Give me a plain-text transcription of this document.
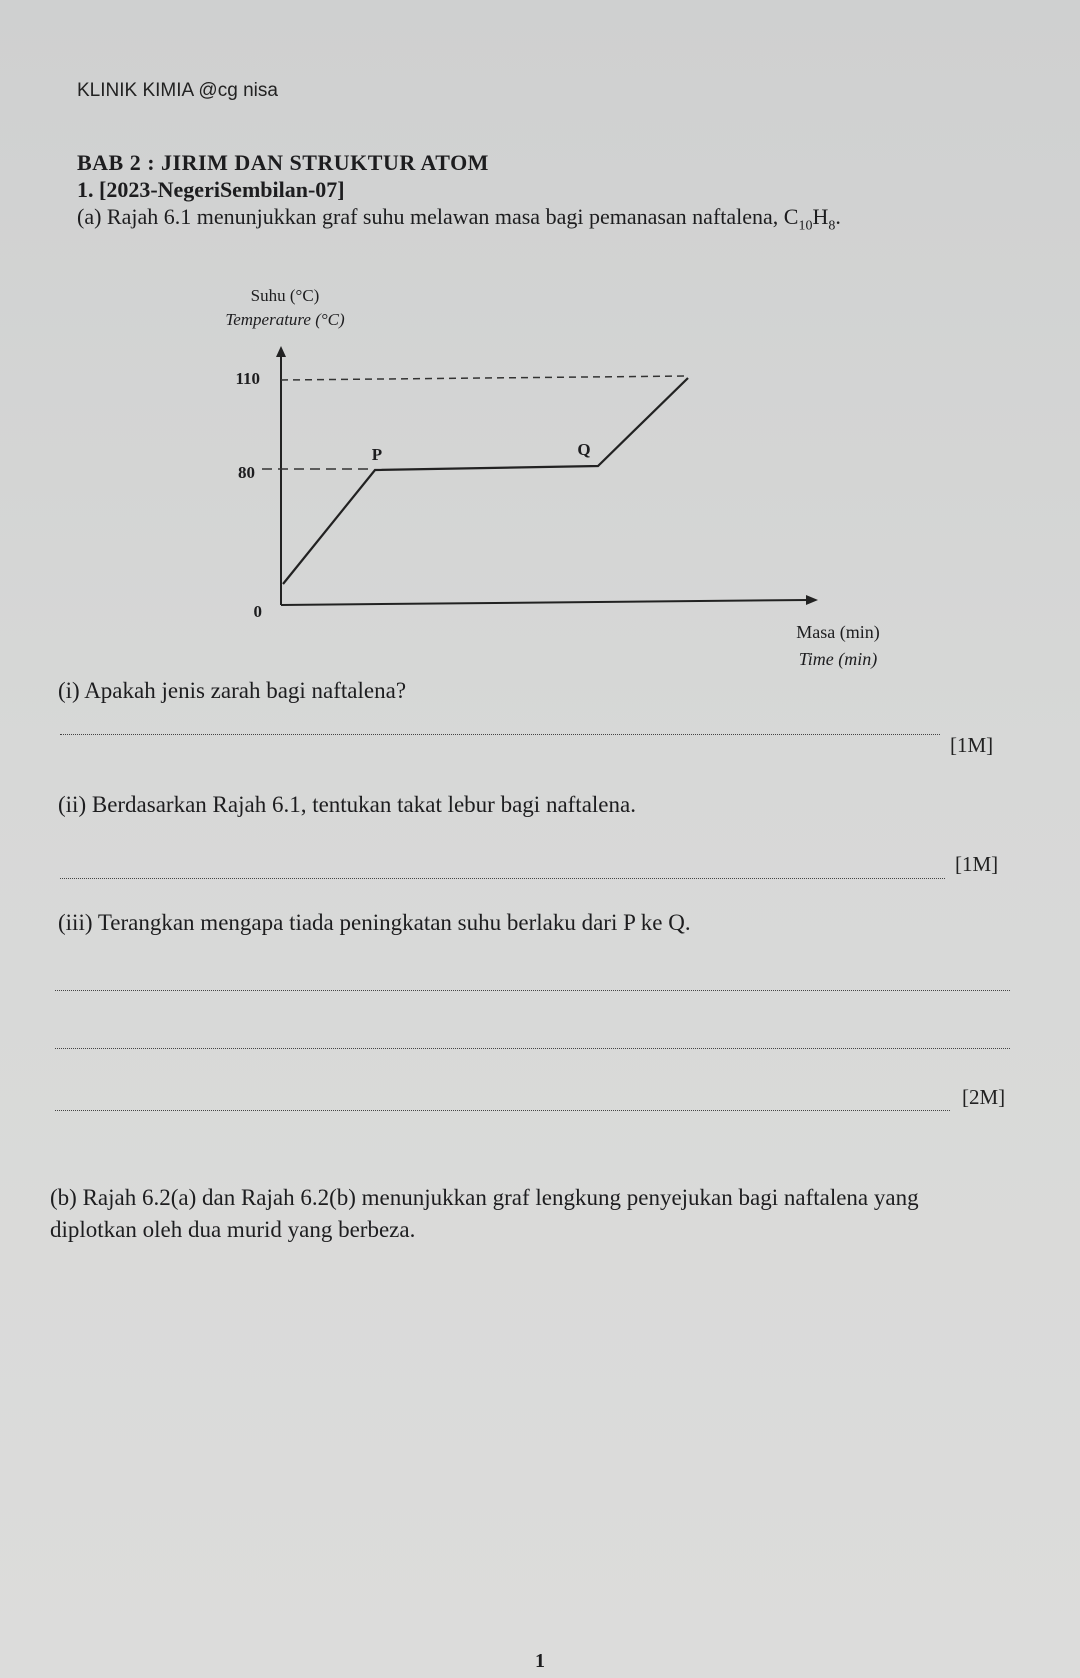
KLINIK KIMIA @cg nisa
BAB 2 : JIRIM DAN STRUKTUR ATOM
1. [2023-NegeriSembilan-07]
(a) Rajah 6.1 menunjukkan graf suhu melawan masa bagi pemanasan naftalena, $C_{10}H_8$.
Suhu (°C)
Temperature (°C)
110
80
0
P	Q
Masa (min)
Time (min)
(i) Apakah jenis zarah bagi naftalena?
[1M]
(ii) Berdasarkan Rajah 6.1, tentukan takat lebur bagi naftalena.
[1M]
(iii) Terangkan mengapa tiada peningkatan suhu berlaku dari P ke Q.
[2M]
(b) Rajah 6.2(a) dan Rajah 6.2(b) menunjukkan graf lengkung penyejukan bagi naftalena yang diplotkan oleh dua murid yang berbeza.
1
